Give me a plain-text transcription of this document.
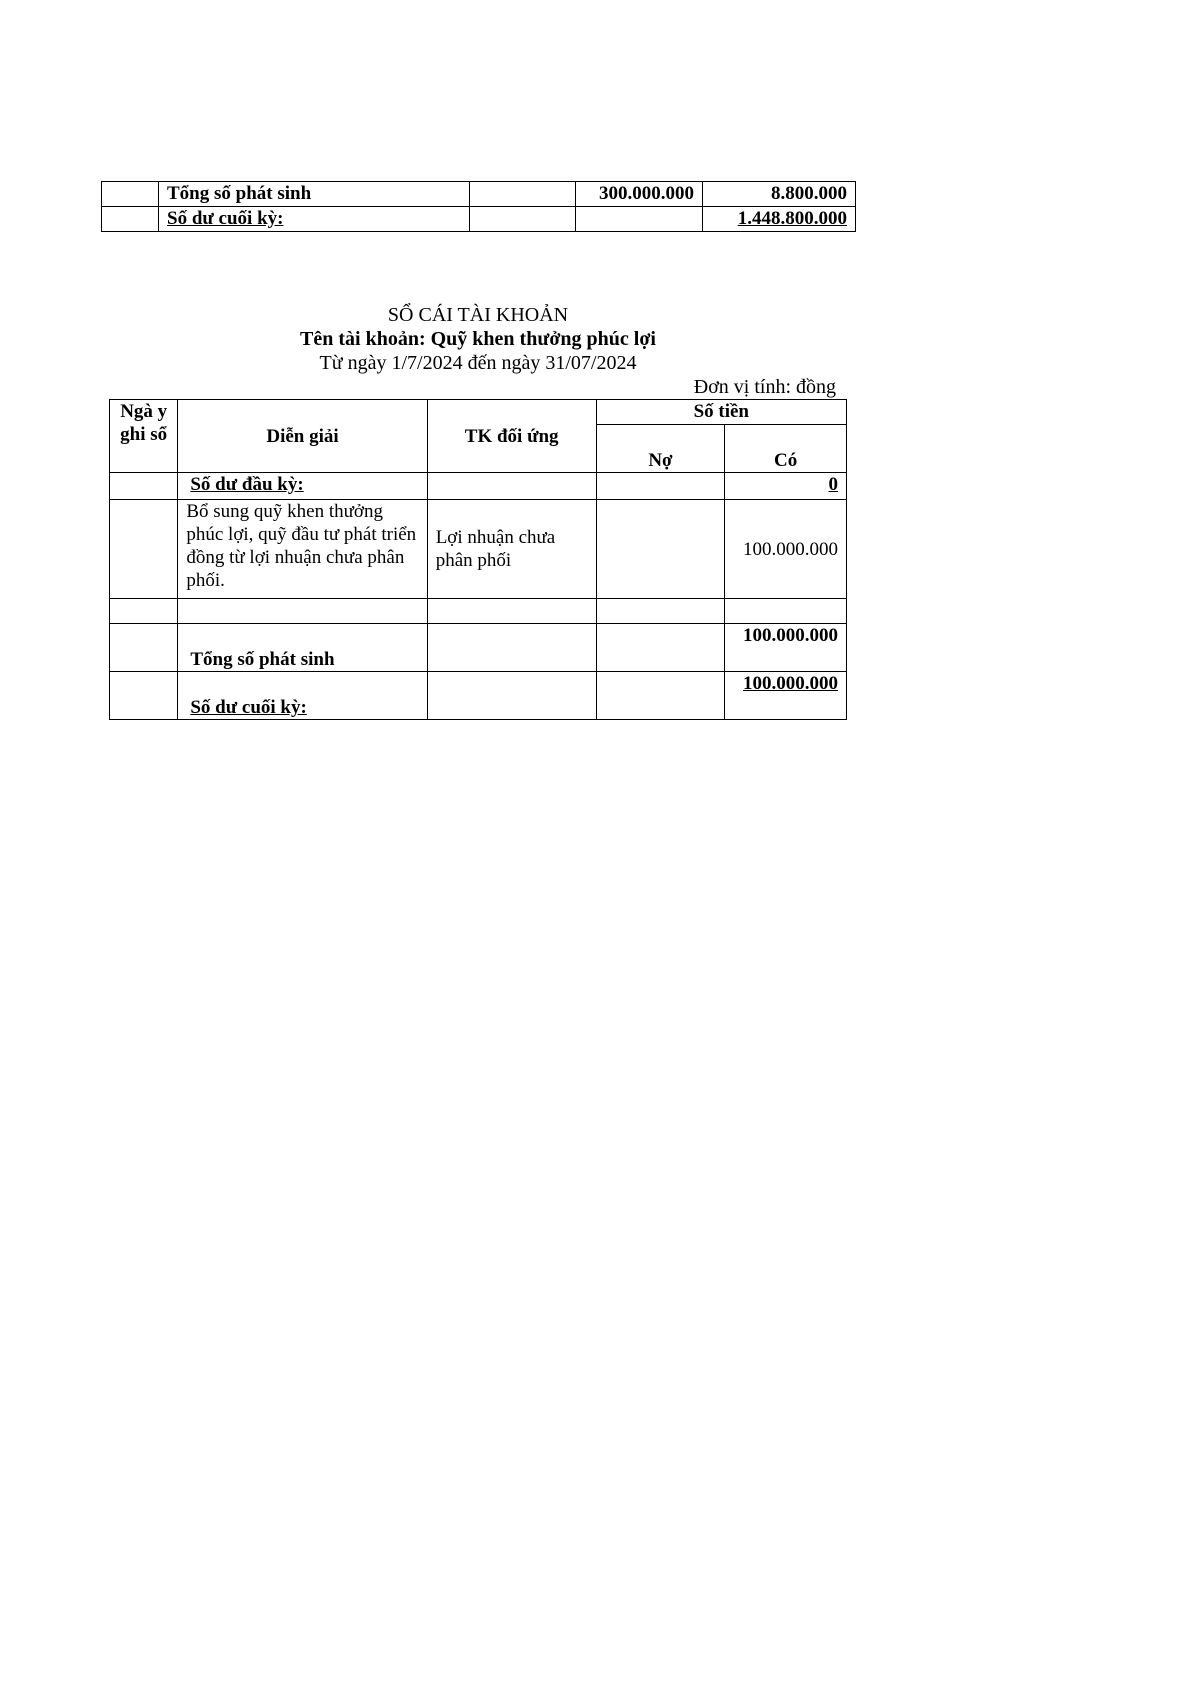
	Tổng số phát sinh		300.000.000	8.800.000
	Số dư cuối kỳ:			1.448.800.000
SỔ CÁI TÀI KHOẢN
Tên tài khoản: Quỹ khen thưởng phúc lợi
Từ ngày 1/7/2024 đến ngày 31/07/2024
Đơn vị tính: đồng
Ngà y ghi sổ	Diễn giải	TK đối ứng	Số tiền	
			Nợ	Có
	Số dư đầu kỳ:			0
	Bổ sung quỹ khen thưởng phúc lợi, quỹ đầu tư phát triển đồng từ lợi nhuận chưa phân phối.	Lợi nhuận chưa phân phối		100.000.000

	Tổng số phát sinh			100.000.000
	Số dư cuối kỳ:			100.000.000
